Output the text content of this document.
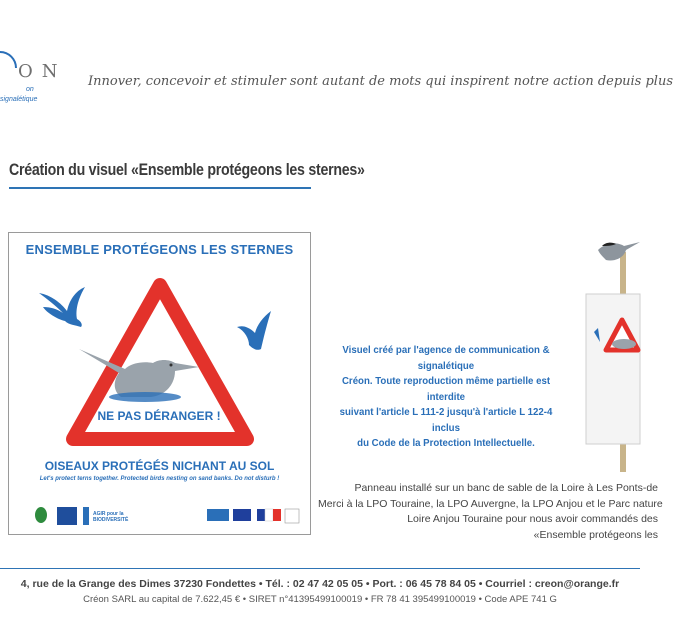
ON
on
signalétique
Innover, concevoir et stimuler sont autant de mots qui inspirent notre action depuis plus
Création du visuel «Ensemble protégeons les sternes»
ENSEMBLE PROTÉGEONS LES STERNES
NE PAS DÉRANGER !
OISEAUX PROTÉGÉS NICHANT AU SOL
Let's protect terns together. Protected birds nesting on sand banks. Do not disturb !
AGIR pour la BIODIVERSITÉ
Visuel créé par l'agence de communication & signalétique
Créon. Toute reproduction même partielle est interdite
suivant l'article L 111-2 jusqu'à l'article L 122-4 inclus
du Code de la Protection Intellectuelle.
Panneau installé sur un banc de sable de la Loire à Les Ponts-de
Merci à la LPO Touraine, la LPO Auvergne, la LPO Anjou et le Parc nature
Loire Anjou Touraine pour nous avoir commandés des
«Ensemble protégeons les
4, rue de la Grange des Dimes 37230 Fondettes • Tél. : 02 47 42 05 05 • Port. : 06 45 78 84 05 • Courriel : creon@orange.fr
Créon SARL au capital de 7.622,45 € • SIRET n°41395499100019 • FR 78 41 395499100019 • Code APE 741 G
